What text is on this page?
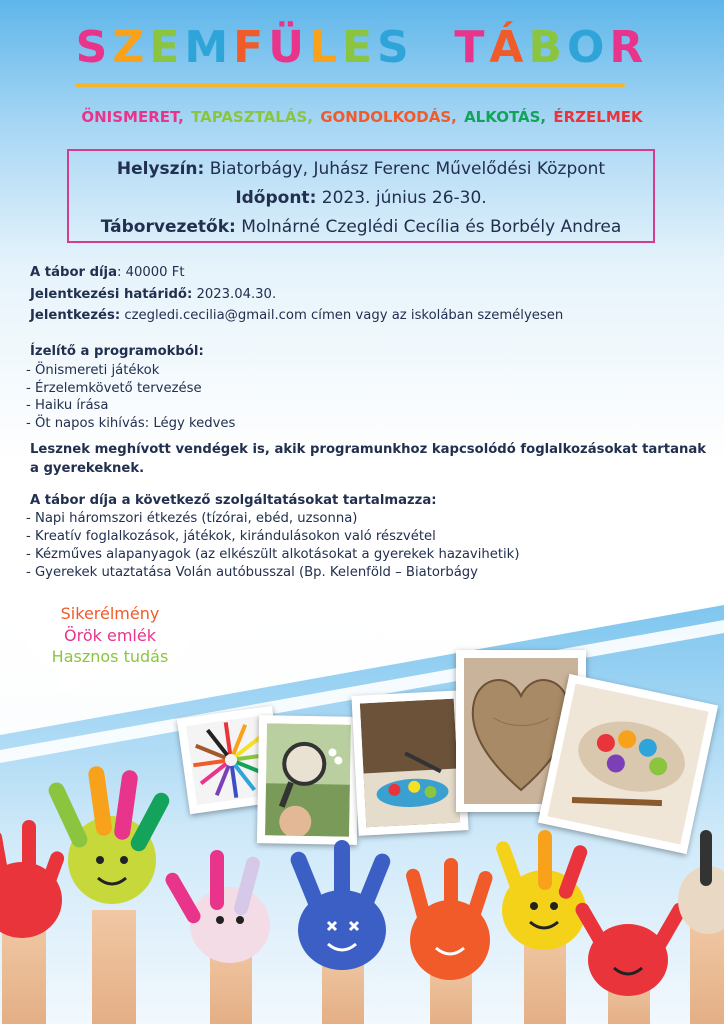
SZEMFÜLES TÁBOR
ÖNISMERET, TAPASZTALÁS, GONDOLKODÁS, ALKOTÁS, ÉRZELMEK
Helyszín: Biatorbágy, Juhász Ferenc Művelődési Központ
Időpont: 2023. június 26-30.
Táborvezetők: Molnárné Czeglédi Cecília és Borbély Andrea
A tábor díja: 40000 Ft
Jelentkezési határidő: 2023.04.30.
Jelentkezés: czegledi.cecilia@gmail.com címen vagy az iskolában személyesen
Ízelítő a programokból:
- Önismereti játékok
- Érzelemkövető tervezése
- Haiku írása
- Öt napos kihívás: Légy kedves
Lesznek meghívott vendégek is, akik programunkhoz kapcsolódó foglalkozásokat tartanak a gyerekeknek.
A tábor díja a következő szolgáltatásokat tartalmazza:
- Napi háromszori étkezés (tízórai, ebéd, uzsonna)
- Kreatív foglalkozások, játékok, kirándulásokon való részvétel
- Kézműves alapanyagok (az elkészült alkotásokat a gyerekek hazavihetik)
- Gyerekek utaztatása Volán autóbusszal (Bp. Kelenföld – Biatorbágy
Sikerélmény
Örök emlék
Hasznos tudás
